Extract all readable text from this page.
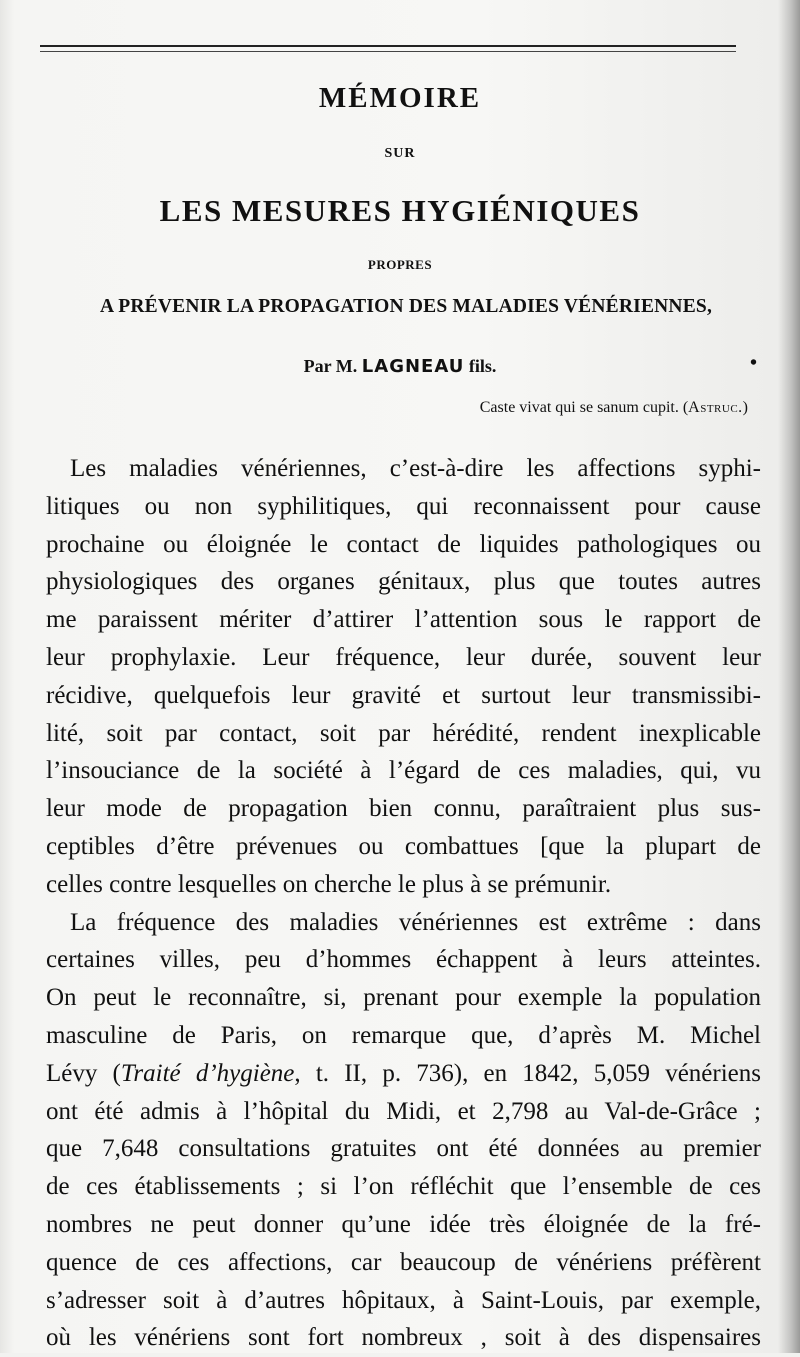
MÉMOIRE
SUR
LES MESURES HYGIÉNIQUES
PROPRES
A PRÉVENIR LA PROPAGATION DES MALADIES VÉNÉRIENNES,
Par M. LAGNEAU fils.
Caste vivat qui se sanum cupit. (Astruc.)
Les maladies vénériennes, c’est-à-dire les affections syphi-
litiques ou non syphilitiques, qui reconnaissent pour cause
prochaine ou éloignée le contact de liquides pathologiques ou
physiologiques des organes génitaux, plus que toutes autres
me paraissent mériter d’attirer l’attention sous le rapport de
leur prophylaxie. Leur fréquence, leur durée, souvent leur
récidive, quelquefois leur gravité et surtout leur transmissibi-
lité, soit par contact, soit par hérédité, rendent inexplicable
l’insouciance de la société à l’égard de ces maladies, qui, vu
leur mode de propagation bien connu, paraîtraient plus sus-
ceptibles d’être prévenues ou combattues [que la plupart de
celles contre lesquelles on cherche le plus à se prémunir.
La fréquence des maladies vénériennes est extrême : dans
certaines villes, peu d’hommes échappent à leurs atteintes.
On peut le reconnaître, si, prenant pour exemple la population
masculine de Paris, on remarque que, d’après M. Michel
Lévy (Traité d’hygiène, t. II, p. 736), en 1842, 5,059 vénériens
ont été admis à l’hôpital du Midi, et 2,798 au Val-de-Grâce ;
que 7,648 consultations gratuites ont été données au premier
de ces établissements ; si l’on réfléchit que l’ensemble de ces
nombres ne peut donner qu’une idée très éloignée de la fré-
quence de ces affections, car beaucoup de vénériens préfèrent
s’adresser soit à d’autres hôpitaux, à Saint-Louis, par exemple,
où les vénériens sont fort nombreux , soit à des dispensaires
•
